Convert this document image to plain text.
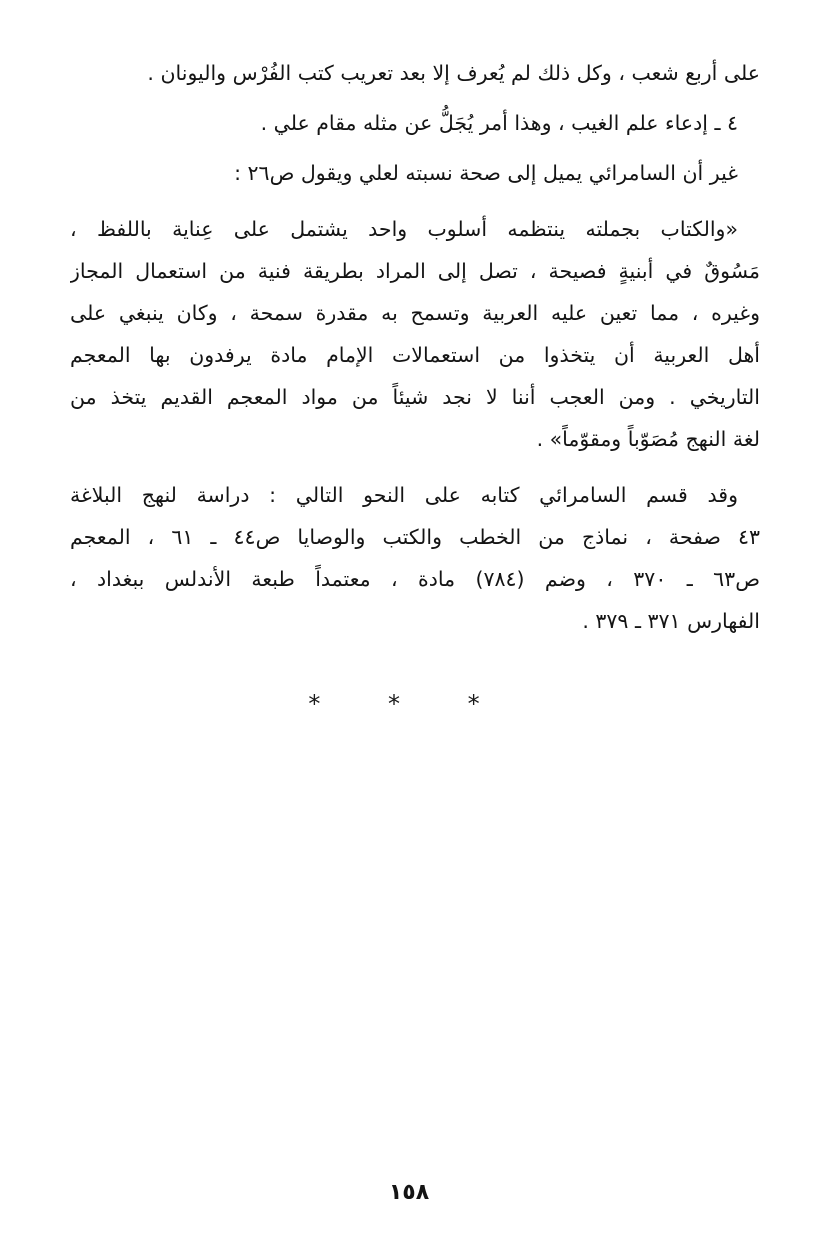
على أربع شعب ، وكل ذلك لم يُعرف إلا بعد تعريب كتب الفُرْس واليونان .

٤ ـ إدعاء علم الغيب ، وهذا أمر يُجَلُّ عن مثله مقام علي .

غير أن السامرائي يميل إلى صحة نسبته لعلي ويقول ص٢٦ :

«والكتاب بجملته ينتظمه أسلوب واحد يشتمل على عِناية باللفظ ،
مَسُوقٌ في أبنيةٍ فصيحة ، تصل إلى المراد بطريقة فنية من استعمال المجاز
وغيره ، مما تعين عليه العربية وتسمح به مقدرة سمحة ، وكان ينبغي على
أهل العربية أن يتخذوا من استعمالات الإمام مادة يرفدون بها المعجم
التاريخي . ومن العجب أننا لا نجد شيئاً من مواد المعجم القديم يتخذ من
لغة النهج مُصَوّباً ومقوّماً» .
وقد قسم السامرائي كتابه على النحو التالي : دراسة لنهج البلاغة
٤٣ صفحة ، نماذج من الخطب والكتب والوصايا ص٤٤ ـ ٦١ ، المعجم
ص٦٣ ـ ٣٧٠ ، وضم (٧٨٤) مادة ، معتمداً طبعة الأندلس ببغداد ،
الفهارس ٣٧١ ـ ٣٧٩ .
* * *
١٥٨
